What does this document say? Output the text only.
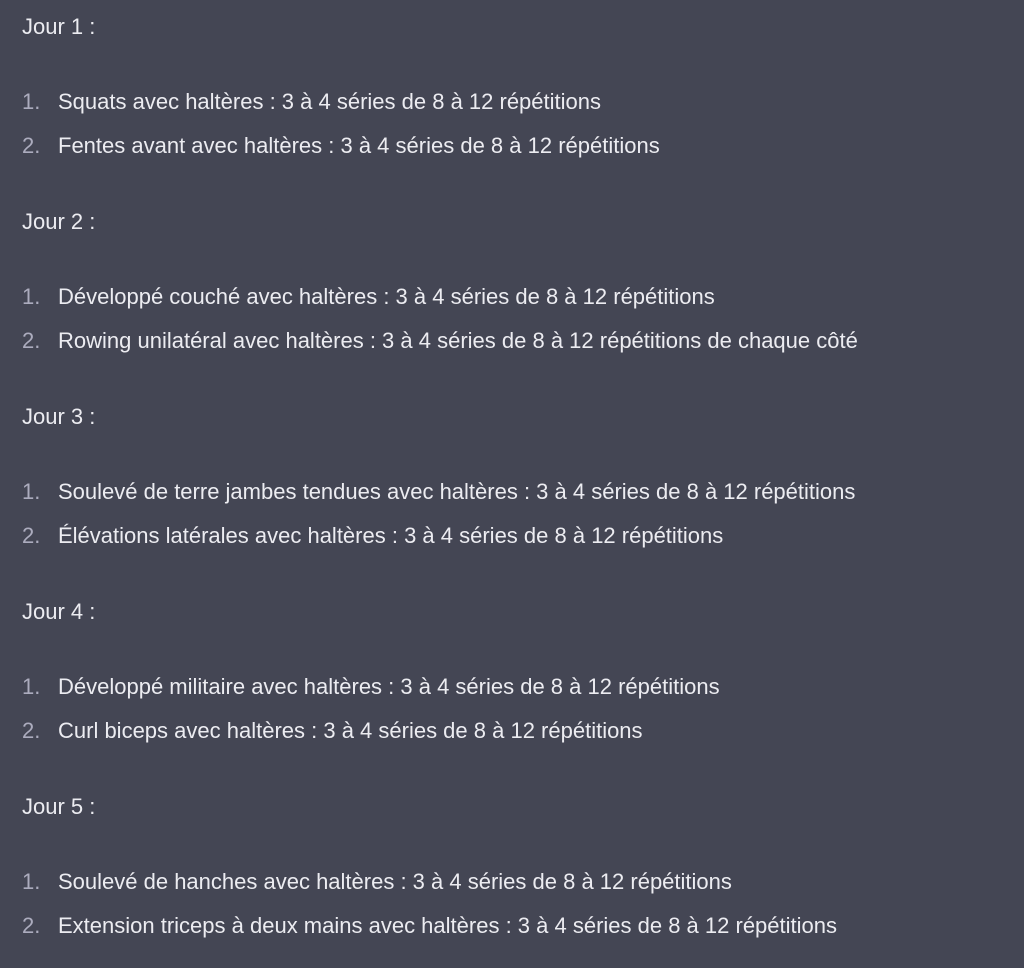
Jour 1 :
1. Squats avec haltères : 3 à 4 séries de 8 à 12 répétitions
2. Fentes avant avec haltères : 3 à 4 séries de 8 à 12 répétitions
Jour 2 :
1. Développé couché avec haltères : 3 à 4 séries de 8 à 12 répétitions
2. Rowing unilatéral avec haltères : 3 à 4 séries de 8 à 12 répétitions de chaque côté
Jour 3 :
1. Soulevé de terre jambes tendues avec haltères : 3 à 4 séries de 8 à 12 répétitions
2. Élévations latérales avec haltères : 3 à 4 séries de 8 à 12 répétitions
Jour 4 :
1. Développé militaire avec haltères : 3 à 4 séries de 8 à 12 répétitions
2. Curl biceps avec haltères : 3 à 4 séries de 8 à 12 répétitions
Jour 5 :
1. Soulevé de hanches avec haltères : 3 à 4 séries de 8 à 12 répétitions
2. Extension triceps à deux mains avec haltères : 3 à 4 séries de 8 à 12 répétitions
